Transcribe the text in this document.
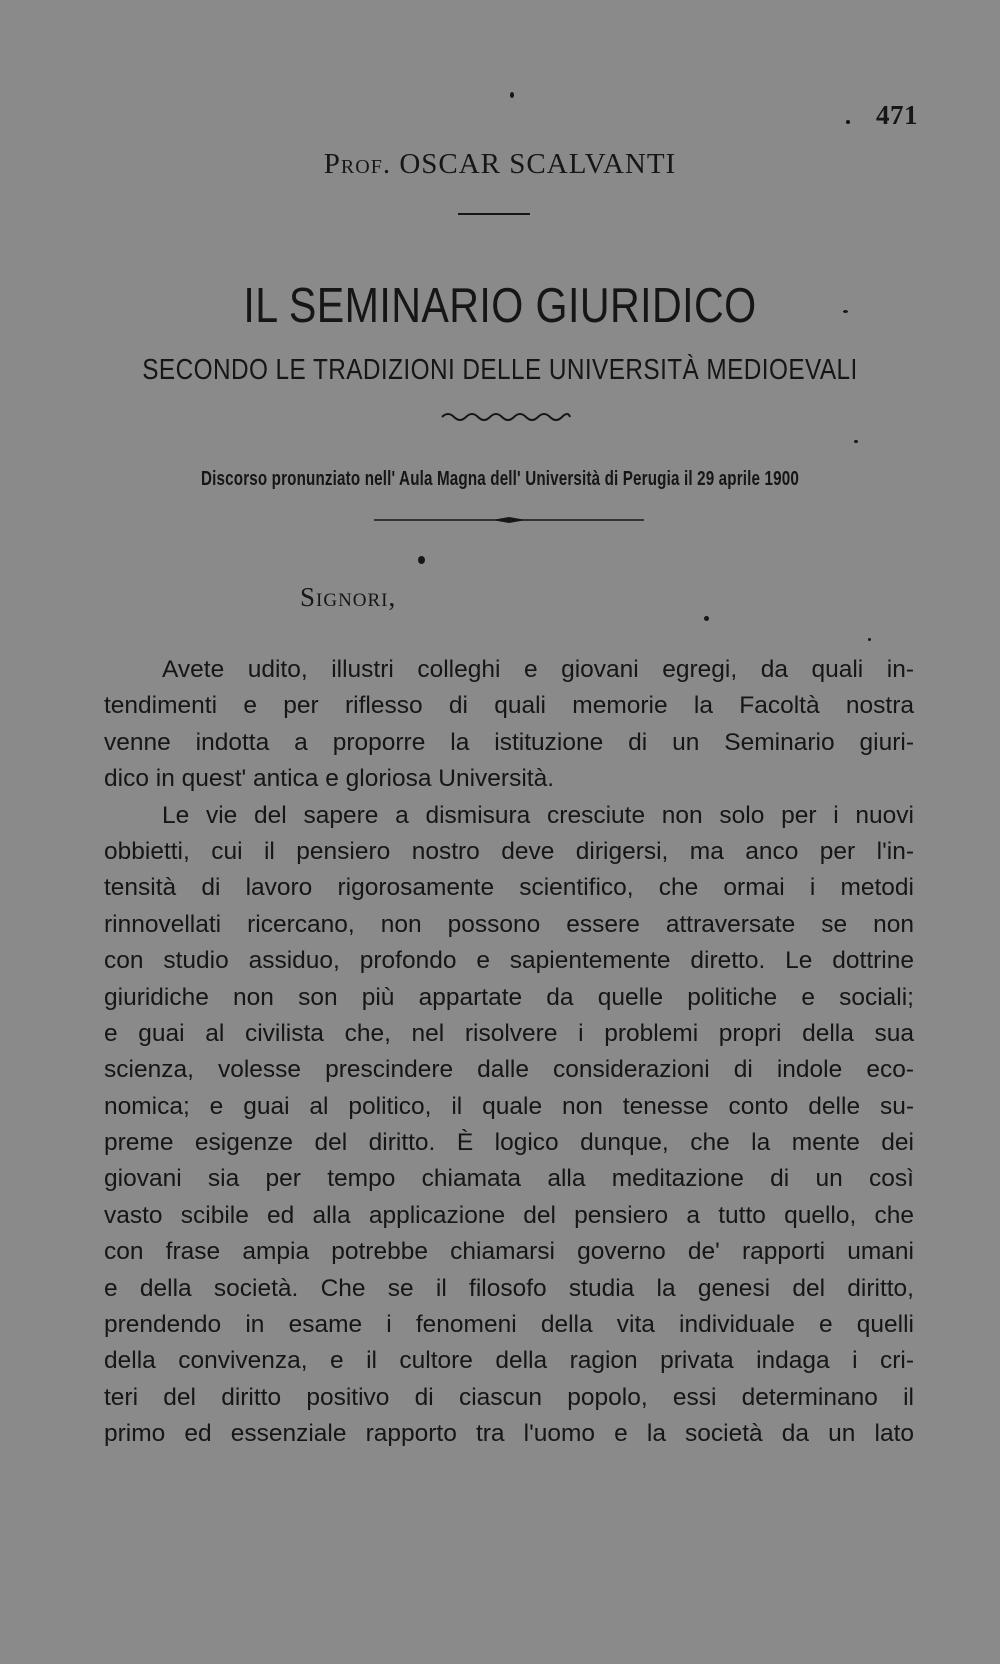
471
Prof. OSCAR SCALVANTI
IL SEMINARIO GIURIDICO
SECONDO LE TRADIZIONI DELLE UNIVERSITÀ MEDIOEVALI
Discorso pronunziato nell' Aula Magna dell' Università di Perugia il 29 aprile 1900
Signori,
Avete udito, illustri colleghi e giovani egregi, da quali in-
tendimenti e per riflesso di quali memorie la Facoltà nostra
venne indotta a proporre la istituzione di un Seminario giuri-
dico in quest' antica e gloriosa Università.
Le vie del sapere a dismisura cresciute non solo per i nuovi
obbietti, cui il pensiero nostro deve dirigersi, ma anco per l'in-
tensità di lavoro rigorosamente scientifico, che ormai i metodi
rinnovellati ricercano, non possono essere attraversate se non
con studio assiduo, profondo e sapientemente diretto. Le dottrine
giuridiche non son più appartate da quelle politiche e sociali;
e guai al civilista che, nel risolvere i problemi propri della sua
scienza, volesse prescindere dalle considerazioni di indole eco-
nomica; e guai al politico, il quale non tenesse conto delle su-
preme esigenze del diritto. È logico dunque, che la mente dei
giovani sia per tempo chiamata alla meditazione di un così
vasto scibile ed alla applicazione del pensiero a tutto quello, che
con frase ampia potrebbe chiamarsi governo de' rapporti umani
e della società. Che se il filosofo studia la genesi del diritto,
prendendo in esame i fenomeni della vita individuale e quelli
della convivenza, e il cultore della ragion privata indaga i cri-
teri del diritto positivo di ciascun popolo, essi determinano il
primo ed essenziale rapporto tra l'uomo e la società da un lato
